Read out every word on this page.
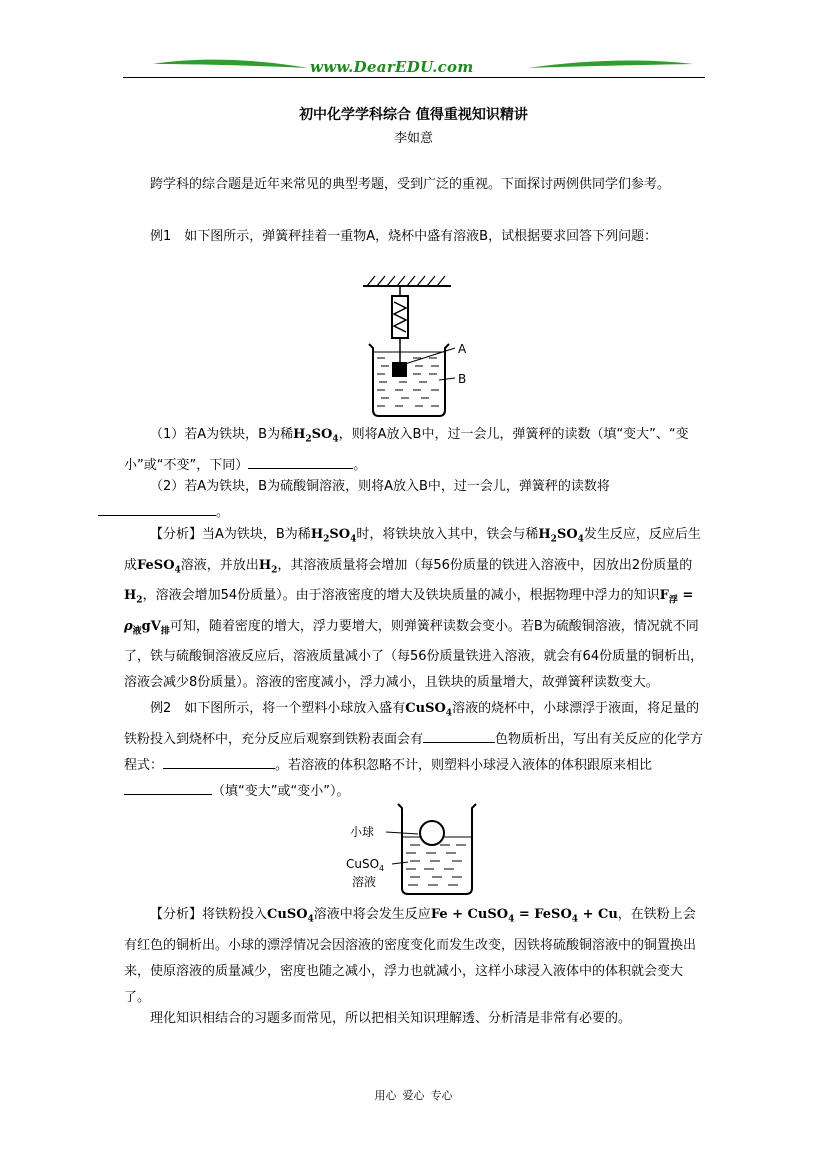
www.DearEDU.com
初中化学学科综合 值得重视知识精讲
李如意
跨学科的综合题是近年来常见的典型考题，受到广泛的重视。下面探讨两例供同学们参考。
例1　如下图所示，弹簧秤挂着一重物A，烧杯中盛有溶液B，试根据要求回答下列问题：
A
B
（1）若A为铁块，B为稀$H_2SO_4$，则将A放入B中，过一会儿，弹簧秤的读数（填“变大”、“变小”或“不变”，下同）	。
（2）若A为铁块，B为硫酸铜溶液，则将A放入B中，过一会儿，弹簧秤的读数将
。
【分析】当A为铁块，B为稀$H_2SO_4$时，将铁块放入其中，铁会与稀$H_2SO_4$发生反应，反应后生成FeSO$_4$溶液，并放出$H_2$，其溶液质量将会增加（每56份质量的铁进入溶液中，因放出2份质量的$H_2$，溶液会增加54份质量）。由于溶液密度的增大及铁块质量的减小，根据物理中浮力的知识$F_浮 = \rho_液gV_排$可知，随着密度的增大，浮力要增大，则弹簧秤读数会变小。若B为硫酸铜溶液，情况就不同了，铁与硫酸铜溶液反应后，溶液质量减小了（每56份质量铁进入溶液，就会有64份质量的铜析出，溶液会减少8份质量）。溶液的密度减小，浮力减小，且铁块的质量增大，故弹簧秤读数变大。
例2　如下图所示，将一个塑料小球放入盛有CuSO$_4$溶液的烧杯中，小球漂浮于液面，将足量的铁粉投入到烧杯中，充分反应后观察到铁粉表面会有	色物质析出，写出有关反应的化学方程式：	。若溶液的体积忽略不计，则塑料小球浸入液体的体积跟原来相比（填“变大”或“变小”）。
小球
CuSO$_4$
溶液
【分析】将铁粉投入CuSO$_4$溶液中将会发生反应Fe + CuSO$_4$ = FeSO$_4$ + Cu，在铁粉上会有红色的铜析出。小球的漂浮情况会因溶液的密度变化而发生改变，因铁将硫酸铜溶液中的铜置换出来，使原溶液的质量减少，密度也随之减小，浮力也就减小，这样小球浸入液体中的体积就会变大了。
理化知识相结合的习题多而常见，所以把相关知识理解透、分析清是非常有必要的。
用心 爱心 专心
